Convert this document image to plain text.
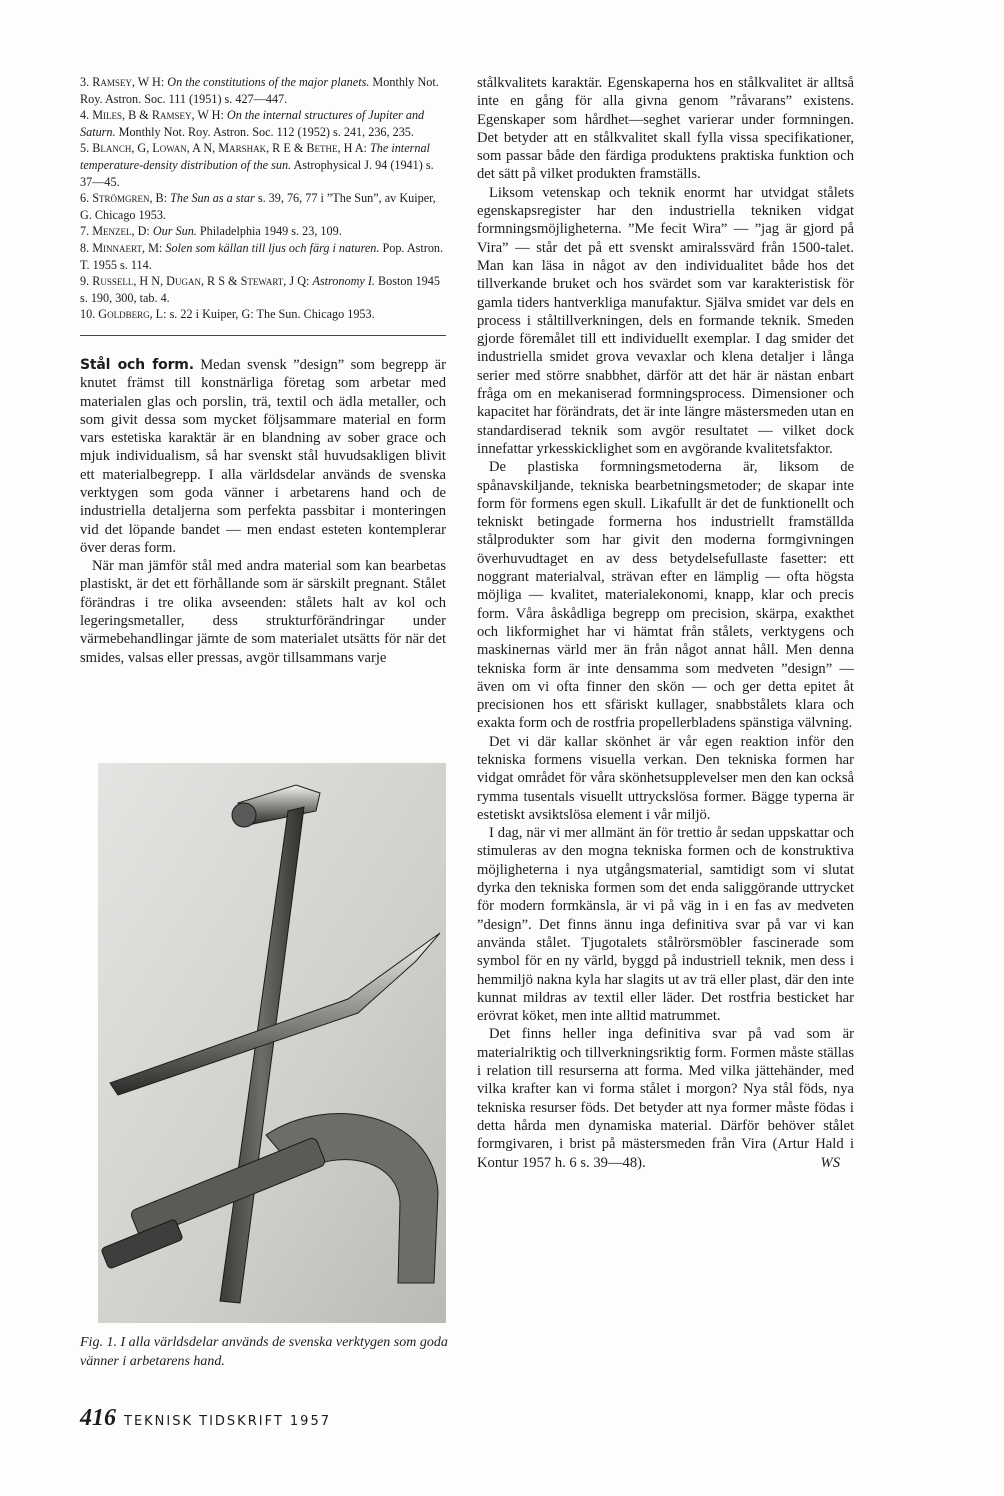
3. Ramsey, W H: On the constitutions of the major planets. Monthly Not. Roy. Astron. Soc. 111 (1951) s. 427—447.

4. Miles, B & Ramsey, W H: On the internal structures of Jupiter and Saturn. Monthly Not. Roy. Astron. Soc. 112 (1952) s. 241, 236, 235.

5. Blanch, G, Lowan, A N, Marshak, R E & Bethe, H A: The internal temperature-density distribution of the sun. Astrophysical J. 94 (1941) s. 37—45.

6. Strömgren, B: The Sun as a star s. 39, 76, 77 i ”The Sun”, av Kuiper, G. Chicago 1953.

7. Menzel, D: Our Sun. Philadelphia 1949 s. 23, 109.

8. Minnaert, M: Solen som källan till ljus och färg i naturen. Pop. Astron. T. 1955 s. 114.

9. Russell, H N, Dugan, R S & Stewart, J Q: Astronomy I. Boston 1945 s. 190, 300, tab. 4.

10. Goldberg, L: s. 22 i Kuiper, G: The Sun. Chicago 1953.

Stål och form. Medan svensk ”design” som begrepp är knutet främst till konstnärliga företag som arbetar med materialen glas och porslin, trä, textil och ädla metaller, och som givit dessa som mycket följsammare material en form vars estetiska karaktär är en blandning av sober grace och mjuk individualism, så har svenskt stål huvudsakligen blivit ett materialbegrepp. I alla världsdelar används de svenska verktygen som goda vänner i arbetarens hand och de industriella detaljerna som perfekta passbitar i monteringen vid det löpande bandet — men endast esteten kontemplerar över deras form.

När man jämför stål med andra material som kan bearbetas plastiskt, är det ett förhållande som är särskilt pregnant. Stålet förändras i tre olika avseenden: stålets halt av kol och legeringsmetaller, dess strukturförändringar under värmebehandlingar jämte de som materialet utsätts för när det smides, valsas eller pressas, avgör tillsammans varje

Fig. 1. I alla världsdelar används de svenska verktygen som goda vänner i arbetarens hand.

stålkvalitets karaktär. Egenskaperna hos en stålkvalitet är alltså inte en gång för alla givna genom ”råvarans” existens. Egenskaper som hårdhet—seghet varierar under formningen. Det betyder att en stålkvalitet skall fylla vissa specifikationer, som passar både den färdiga produktens praktiska funktion och det sätt på vilket produkten framställs.

Liksom vetenskap och teknik enormt har utvidgat stålets egenskapsregister har den industriella tekniken vidgat formningsmöjligheterna. ”Me fecit Wira” — ”jag är gjord på Vira” — står det på ett svenskt amiralssvärd från 1500-talet. Man kan läsa in något av den individualitet både hos det tillverkande bruket och hos svärdet som var karakteristisk för gamla tiders hantverkliga manufaktur. Själva smidet var dels en process i ståltillverkningen, dels en formande teknik. Smeden gjorde föremålet till ett individuellt exemplar. I dag smider det industriella smidet grova vevaxlar och klena detaljer i långa serier med större snabbhet, därför att det här är nästan enbart fråga om en mekaniserad formningsprocess. Dimensioner och kapacitet har förändrats, det är inte längre mästersmeden utan en standardiserad teknik som avgör resultatet — vilket dock innefattar yrkesskicklighet som en avgörande kvalitetsfaktor.

De plastiska formningsmetoderna är, liksom de spånavskiljande, tekniska bearbetningsmetoder; de skapar inte form för formens egen skull. Likafullt är det de funktionellt och tekniskt betingade formerna hos industriellt framställda stålprodukter som har givit den moderna formgivningen överhuvudtaget en av dess betydelsefullaste fasetter: ett noggrant materialval, strävan efter en lämplig — ofta högsta möjliga — kvalitet, materialekonomi, knapp, klar och precis form. Våra åskådliga begrepp om precision, skärpa, exakthet och likformighet har vi hämtat från stålets, verktygens och maskinernas värld mer än från något annat håll. Men denna tekniska form är inte densamma som medveten ”design” — även om vi ofta finner den skön — och ger detta epitet åt precisionen hos ett sfäriskt kullager, snabbstålets klara och exakta form och de rostfria propellerbladens spänstiga välvning.

Det vi där kallar skönhet är vår egen reaktion inför den tekniska formens visuella verkan. Den tekniska formen har vidgat området för våra skönhetsupplevelser men den kan också rymma tusentals visuellt uttryckslösa former. Bägge typerna är estetiskt avsiktslösa element i vår miljö.

I dag, när vi mer allmänt än för trettio år sedan uppskattar och stimuleras av den mogna tekniska formen och de konstruktiva möjligheterna i nya utgångsmaterial, samtidigt som vi slutat dyrka den tekniska formen som det enda saliggörande uttrycket för modern formkänsla, är vi på väg in i en fas av medveten ”design”. Det finns ännu inga definitiva svar på var vi kan använda stålet. Tjugotalets stålrörsmöbler fascinerade som symbol för en ny värld, byggd på industriell teknik, men dess i hemmiljö nakna kyla har slagits ut av trä eller plast, där den inte kunnat mildras av textil eller läder. Det rostfria besticket har erövrat köket, men inte alltid matrummet.

Det finns heller inga definitiva svar på vad som är materialriktig och tillverkningsriktig form. Formen måste ställas i relation till resurserna att forma. Med vilka jättehänder, med vilka krafter kan vi forma stålet i morgon? Nya stål föds, nya tekniska resurser föds. Det betyder att nya former måste födas i detta hårda men dynamiska material. Därför behöver stålet formgivaren, i brist på mästersmeden från Vira (Artur Hald i Kontur 1957 h. 6 s. 39—48).	WS

416 TEKNISK TIDSKRIFT 1957
